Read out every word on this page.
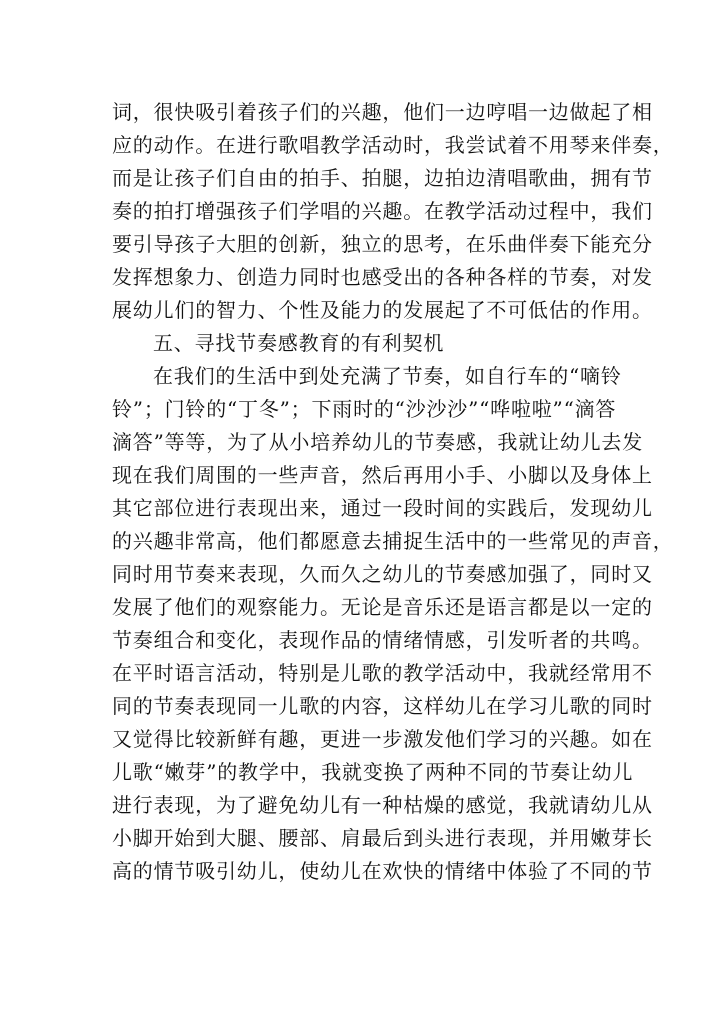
词，很快吸引着孩子们的兴趣，他们一边哼唱一边做起了相
应的动作。在进行歌唱教学活动时，我尝试着不用琴来伴奏，
而是让孩子们自由的拍手、拍腿，边拍边清唱歌曲，拥有节
奏的拍打增强孩子们学唱的兴趣。在教学活动过程中，我们
要引导孩子大胆的创新，独立的思考，在乐曲伴奏下能充分
发挥想象力、创造力同时也感受出的各种各样的节奏，对发
展幼儿们的智力、个性及能力的发展起了不可低估的作用。
五、寻找节奏感教育的有利契机
在我们的生活中到处充满了节奏，如自行车的“嘀铃
铃”；门铃的“丁冬”；下雨时的“沙沙沙”“哗啦啦”“滴答
滴答”等等，为了从小培养幼儿的节奏感，我就让幼儿去发
现在我们周围的一些声音，然后再用小手、小脚以及身体上
其它部位进行表现出来，通过一段时间的实践后，发现幼儿
的兴趣非常高，他们都愿意去捕捉生活中的一些常见的声音，
同时用节奏来表现，久而久之幼儿的节奏感加强了，同时又
发展了他们的观察能力。无论是音乐还是语言都是以一定的
节奏组合和变化，表现作品的情绪情感，引发听者的共鸣。
在平时语言活动，特别是儿歌的教学活动中，我就经常用不
同的节奏表现同一儿歌的内容，这样幼儿在学习儿歌的同时
又觉得比较新鲜有趣，更进一步激发他们学习的兴趣。如在
儿歌“嫩芽”的教学中，我就变换了两种不同的节奏让幼儿
进行表现，为了避免幼儿有一种枯燥的感觉，我就请幼儿从
小脚开始到大腿、腰部、肩最后到头进行表现，并用嫩芽长
高的情节吸引幼儿，使幼儿在欢快的情绪中体验了不同的节
